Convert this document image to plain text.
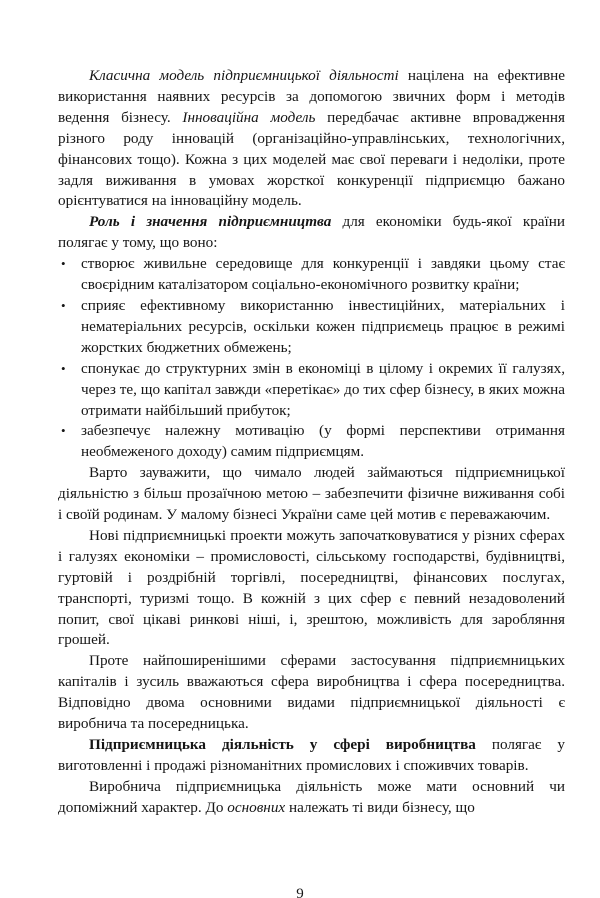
Класична модель підприємницької діяльності націлена на ефективне використання наявних ресурсів за допомогою звичних форм і методів ведення бізнесу. Інноваційна модель передбачає активне впровадження різного роду інновацій (організаційно-управлінських, технологічних, фінансових тощо). Кожна з цих моделей має свої переваги і недоліки, проте задля виживання в умовах жорсткої конкуренції підприємцю бажано орієнтуватися на інноваційну модель.

Роль і значення підприємництва для економіки будь-якої країни полягає у тому, що воно:

• створює живильне середовище для конкуренції і завдяки цьому стає своєрідним каталізатором соціально-економічного розвитку країни;
• сприяє ефективному використанню інвестиційних, матеріальних і нематеріальних ресурсів, оскільки кожен підприємець працює в режимі жорстких бюджетних обмежень;
• спонукає до структурних змін в економіці в цілому і окремих її галузях, через те, що капітал завжди «перетікає» до тих сфер бізнесу, в яких можна отримати найбільший прибуток;
• забезпечує належну мотивацію (у формі перспективи отримання необмеженого доходу) самим підприємцям.

Варто зауважити, що чимало людей займаються підприємницької діяльністю з більш прозаїчною метою – забезпечити фізичне виживання собі і своїй родинам. У малому бізнесі України саме цей мотив є переважаючим.

Нові підприємницькі проекти можуть започатковуватися у різних сферах і галузях економіки – промисловості, сільському господарстві, будівництві, гуртовій і роздрібній торгівлі, посередництві, фінансових послугах, транспорті, туризмі тощо. В кожній з цих сфер є певний незадоволений попит, свої цікаві ринкові ніші, і, зрештою, можливість для заробляння грошей.

Проте найпоширенішими сферами застосування підприємницьких капіталів і зусиль вважаються сфера виробництва і сфера посередництва. Відповідно двома основними видами підприємницької діяльності є виробнича та посередницька.

Підприємницька діяльність у сфері виробництва полягає у виготовленні і продажі різноманітних промислових і споживчих товарів.

Виробнича підприємницька діяльність може мати основний чи допоміжний характер. До основних належать ті види бізнесу, що

9
